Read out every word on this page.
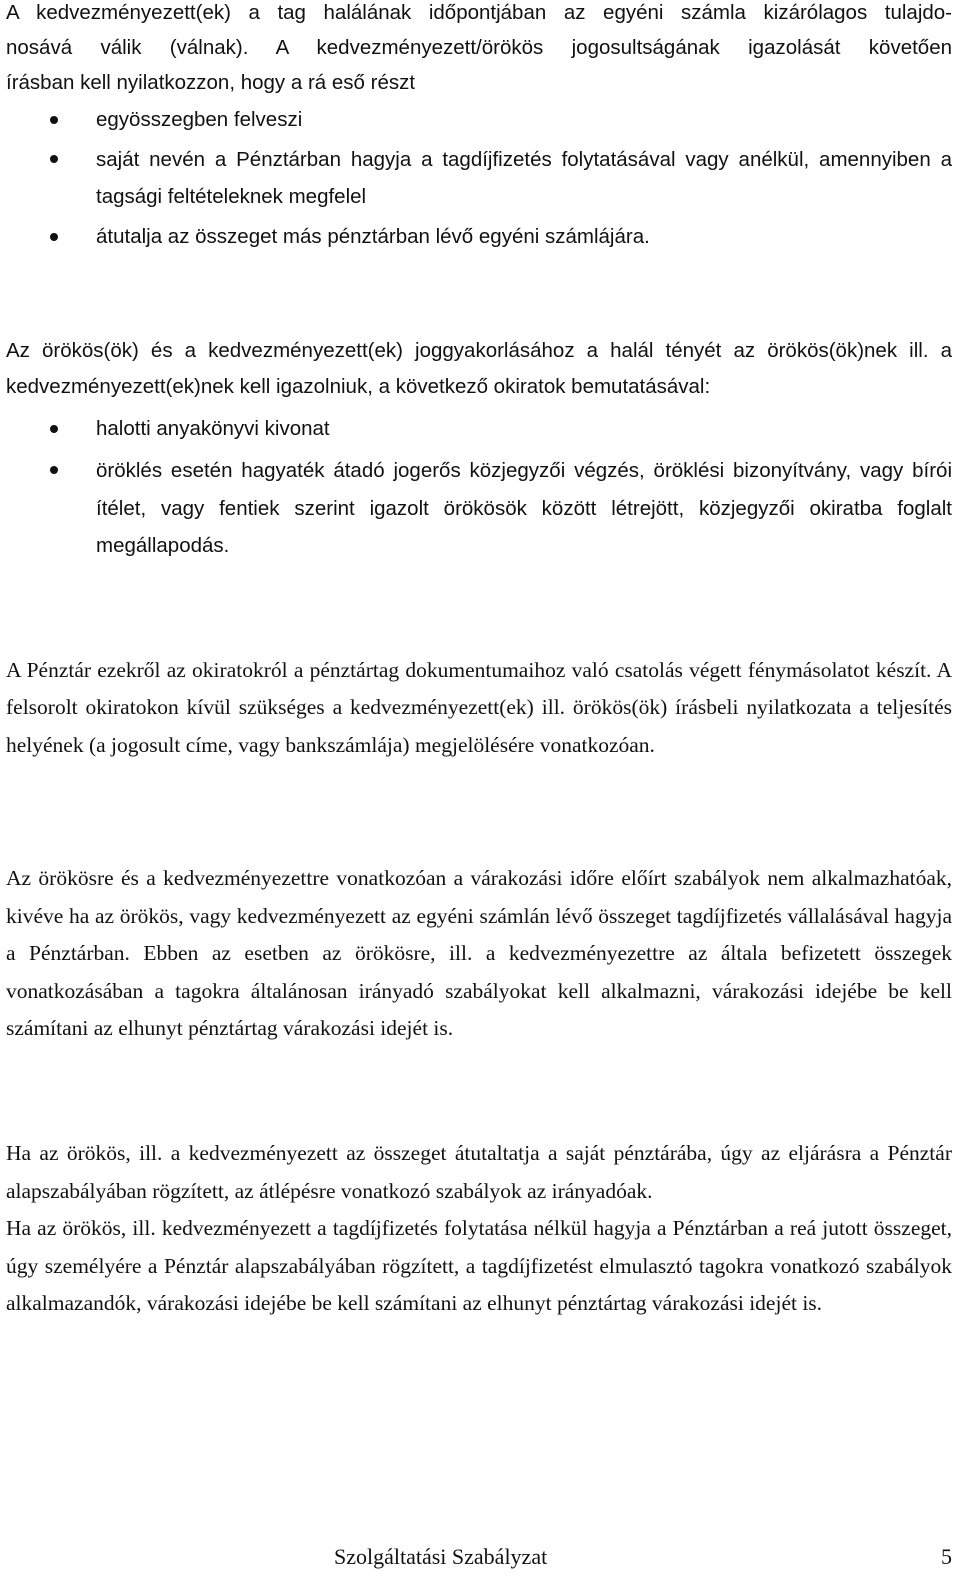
A kedvezményezett(ek) a tag halálának időpontjában az egyéni számla kizárólagos tulajdo-

nosává válik (válnak). A kedvezményezett/örökös jogosultságának igazolását követően

írásban kell nyilatkozzon, hogy a rá eső részt

egyösszegben felveszi
saját nevén a Pénztárban hagyja a tagdíjfizetés folytatásával vagy anélkül, amennyiben a tagsági feltételeknek megfelel
átutalja az összeget más pénztárban lévő egyéni számlájára.

Az örökös(ök) és a kedvezményezett(ek) joggyakorlásához a halál tényét az örökös(ök)nek ill. a kedvezményezett(ek)nek kell igazolniuk, a következő okiratok bemutatásával:

halotti anyakönyvi kivonat
öröklés esetén hagyaték átadó jogerős közjegyzői végzés, öröklési bizonyítvány, vagy bírói ítélet, vagy fentiek szerint igazolt örökösök között létrejött, közjegyzői okiratba foglalt megállapodás.

A Pénztár ezekről az okiratokról a pénztártag dokumentumaihoz való csatolás végett fénymásolatot készít. A felsorolt okiratokon kívül szükséges a kedvezményezett(ek) ill. örökös(ök) írásbeli nyilatkozata a teljesítés helyének (a jogosult címe, vagy bankszámlája) megjelölésére vonatkozóan.

Az örökösre és a kedvezményezettre vonatkozóan a várakozási időre előírt szabályok nem alkalmazhatóak, kivéve ha az örökös, vagy kedvezményezett az egyéni számlán lévő összeget tagdíjfizetés vállalásával hagyja a Pénztárban. Ebben az esetben az örökösre, ill. a kedvezményezettre az általa befizetett összegek vonatkozásában a tagokra általánosan irányadó szabályokat kell alkalmazni, várakozási idejébe be kell számítani az elhunyt pénztártag várakozási idejét is.

Ha az örökös, ill. a kedvezményezett az összeget átutaltatja a saját pénztárába, úgy az eljárásra a Pénztár alapszabályában rögzített, az átlépésre vonatkozó szabályok az irányadóak.

Ha az örökös, ill. kedvezményezett a tagdíjfizetés folytatása nélkül hagyja a Pénztárban a reá jutott összeget, úgy személyére a Pénztár alapszabályában rögzített, a tagdíjfizetést elmulasztó tagokra vonatkozó szabályok alkalmazandók, várakozási idejébe be kell számítani az elhunyt pénztártag várakozási idejét is.

Szolgáltatási Szabályzat	5
